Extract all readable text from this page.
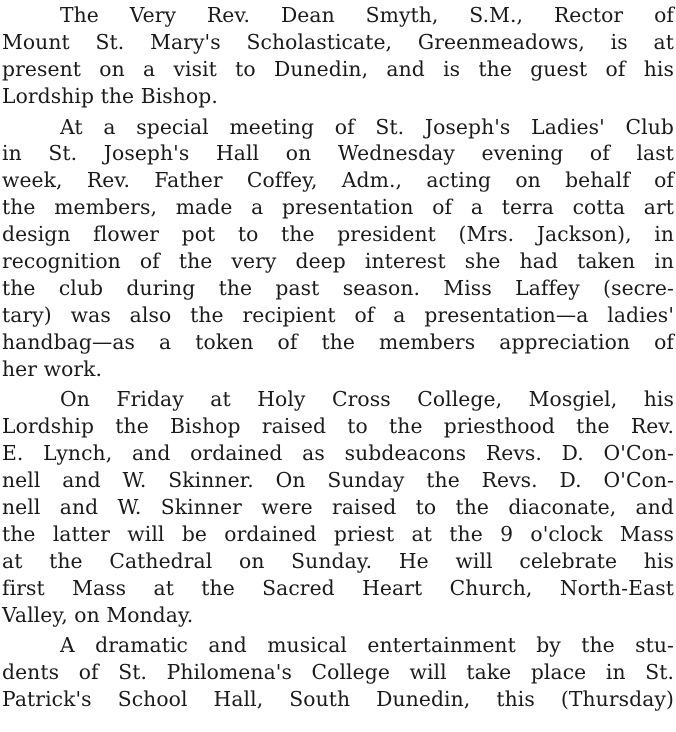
The Very Rev. Dean Smyth, S.M., Rector of
Mount St. Mary's Scholasticate, Greenmeadows, is at
present on a visit to Dunedin, and is the guest of his
Lordship the Bishop.
At a special meeting of St. Joseph's Ladies' Club
in St. Joseph's Hall on Wednesday evening of last
week, Rev. Father Coffey, Adm., acting on behalf of
the members, made a presentation of a terra cotta art
design flower pot to the president (Mrs. Jackson), in
recognition of the very deep interest she had taken in
the club during the past season. Miss Laffey (secre-
tary) was also the recipient of a presentation—a ladies'
handbag—as a token of the members appreciation of
her work.
On Friday at Holy Cross College, Mosgiel, his
Lordship the Bishop raised to the priesthood the Rev.
E. Lynch, and ordained as subdeacons Revs. D. O'Con-
nell and W. Skinner. On Sunday the Revs. D. O'Con-
nell and W. Skinner were raised to the diaconate, and
the latter will be ordained priest at the 9 o'clock Mass
at the Cathedral on Sunday. He will celebrate his
first Mass at the Sacred Heart Church, North-East
Valley, on Monday.
A dramatic and musical entertainment by the stu-
dents of St. Philomena's College will take place in St.
Patrick's School Hall, South Dunedin, this (Thursday)
